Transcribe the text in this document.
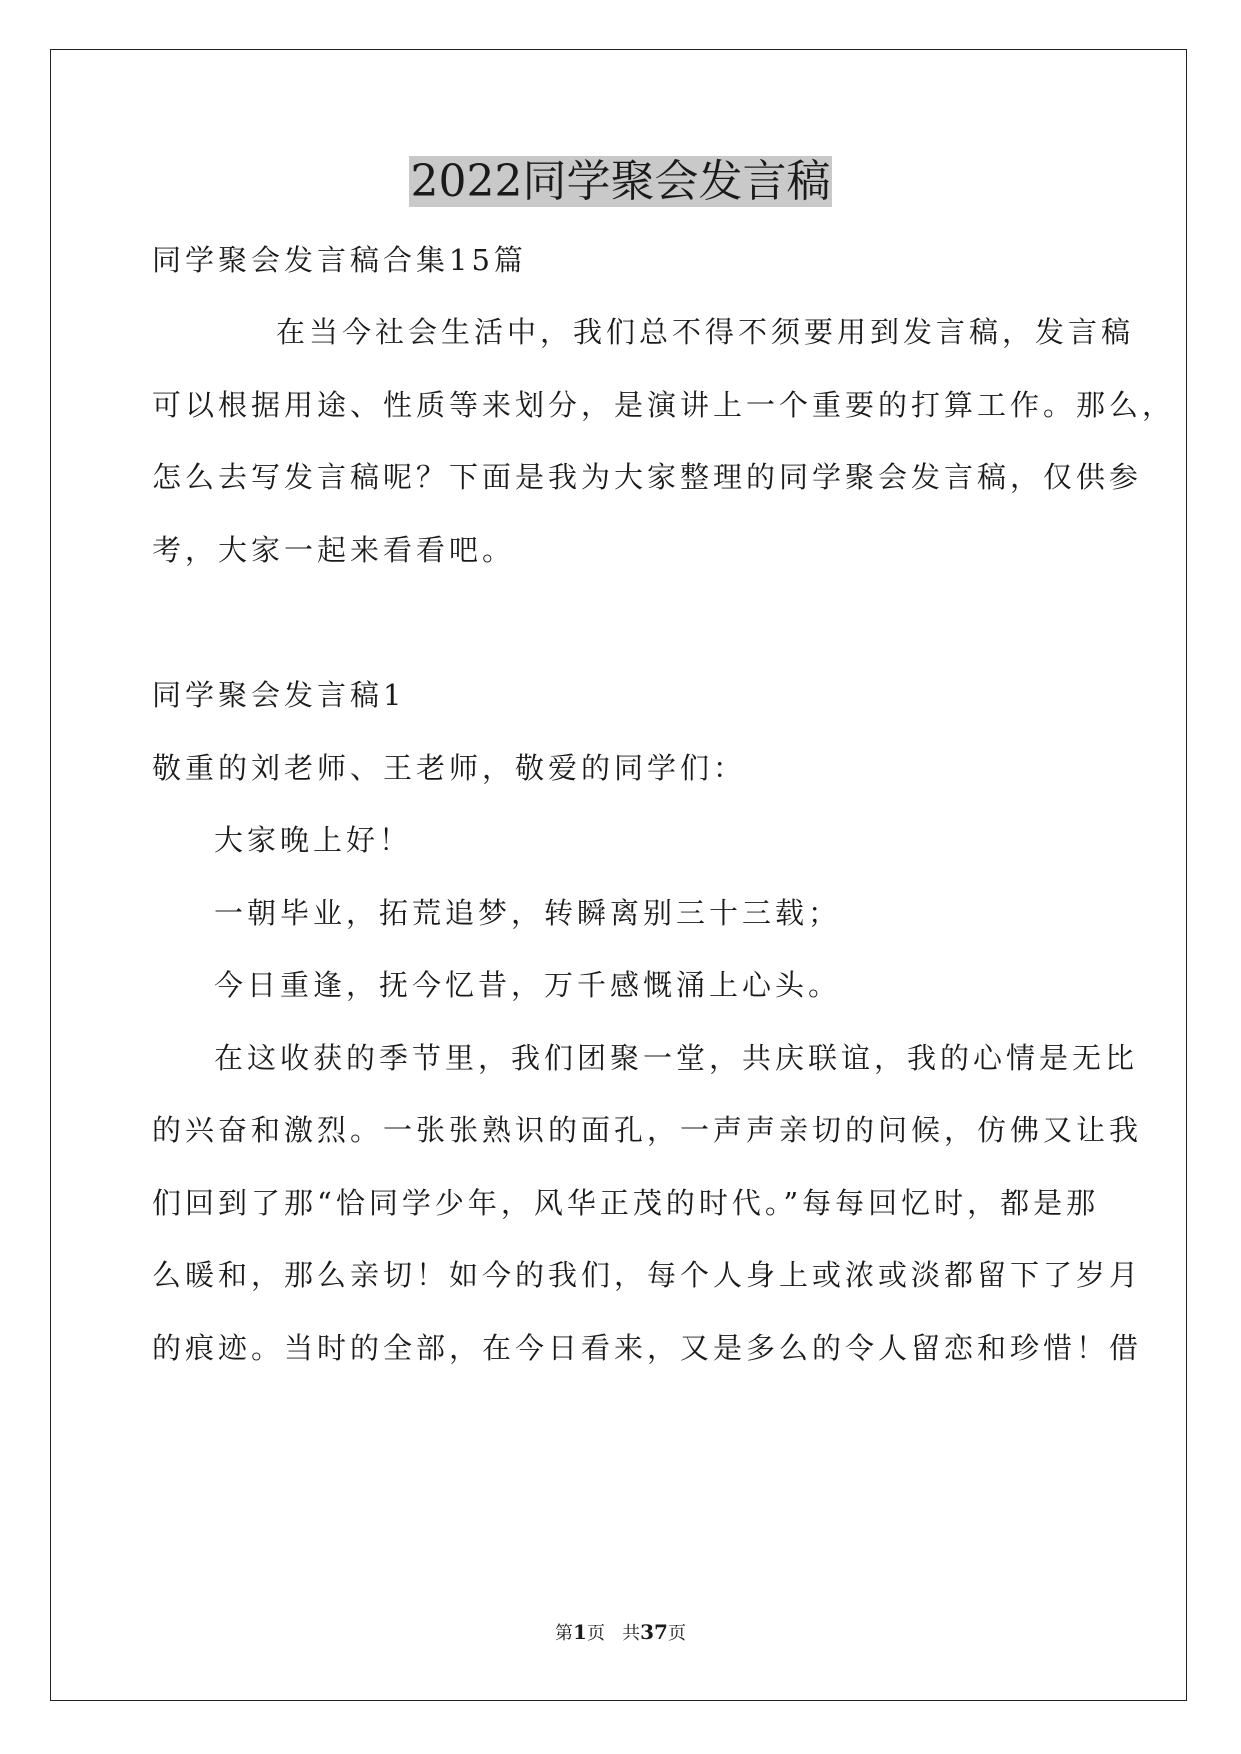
2022同学聚会发言稿
同学聚会发言稿合集15篇
在当今社会生活中，我们总不得不须要用到发言稿，发言稿
可以根据用途、性质等来划分，是演讲上一个重要的打算工作。那么，
怎么去写发言稿呢？下面是我为大家整理的同学聚会发言稿，仅供参
考，大家一起来看看吧。
同学聚会发言稿1
敬重的刘老师、王老师，敬爱的同学们：
大家晚上好！
一朝毕业，拓荒追梦，转瞬离别三十三载；
今日重逢，抚今忆昔，万千感慨涌上心头。
在这收获的季节里，我们团聚一堂，共庆联谊，我的心情是无比
的兴奋和激烈。一张张熟识的面孔，一声声亲切的问候，仿佛又让我
们回到了那“恰同学少年，风华正茂的时代。”每每回忆时，都是那
么暖和，那么亲切！如今的我们，每个人身上或浓或淡都留下了岁月
的痕迹。当时的全部，在今日看来，又是多么的令人留恋和珍惜！借
第1页 共37页
